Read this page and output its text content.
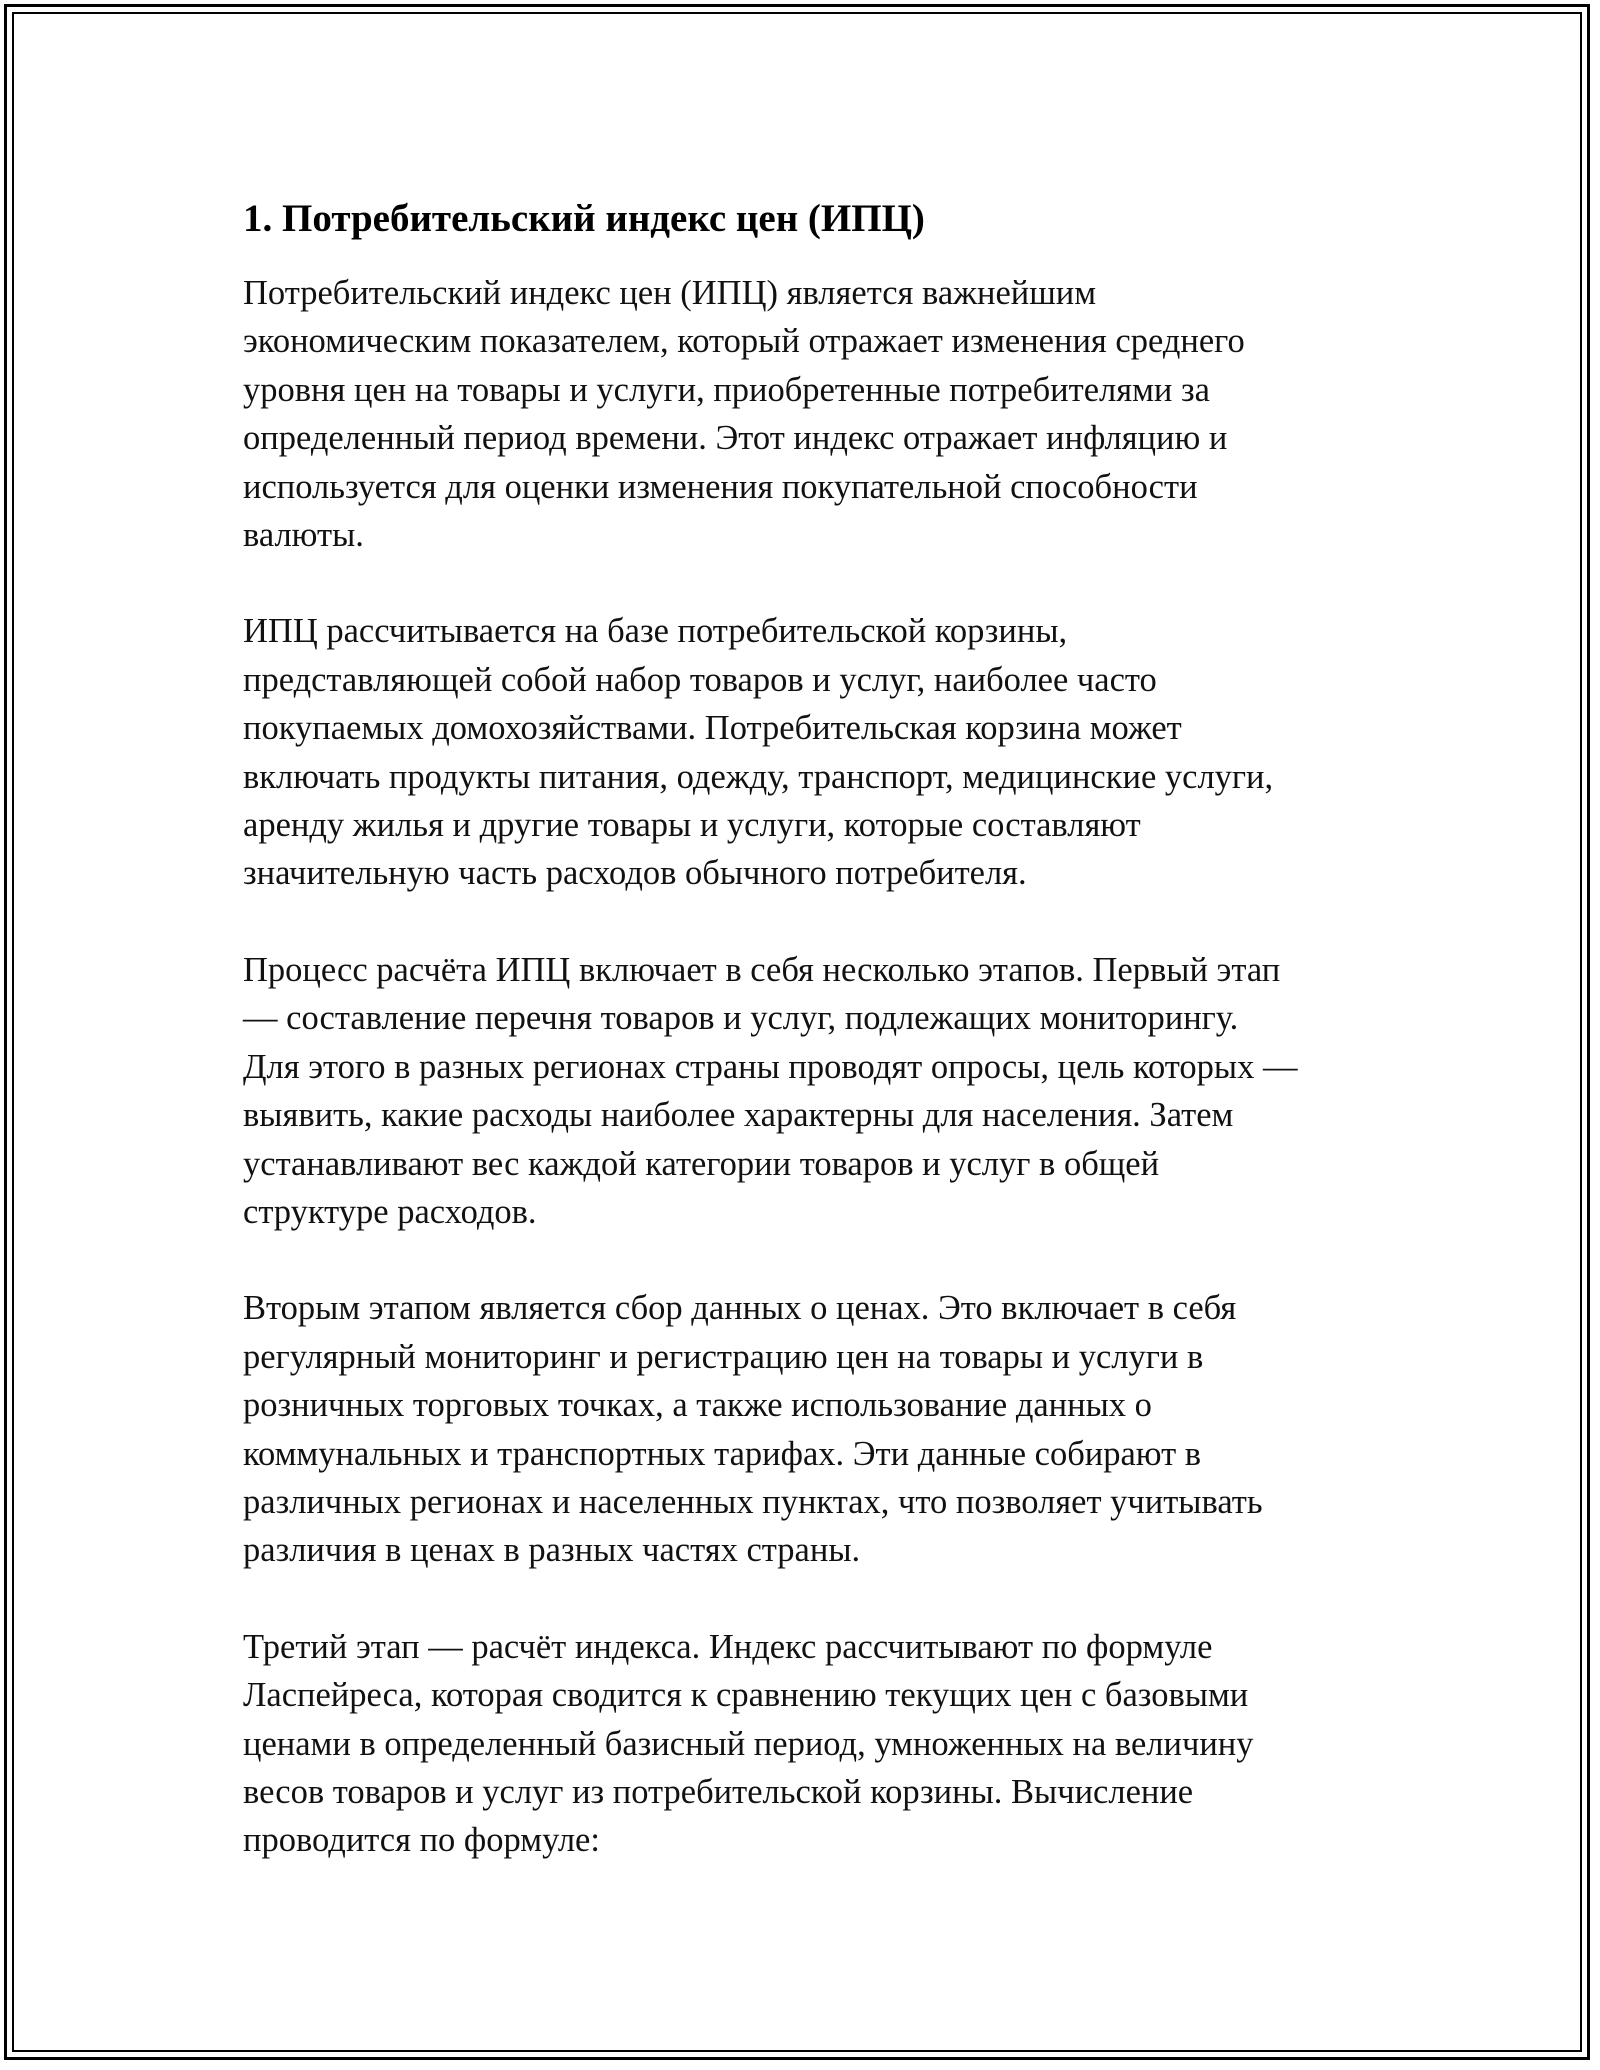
1. Потребительский индекс цен (ИПЦ)

Потребительский индекс цен (ИПЦ) является важнейшим
экономическим показателем, который отражает изменения среднего
уровня цен на товары и услуги, приобретенные потребителями за
определенный период времени. Этот индекс отражает инфляцию и
используется для оценки изменения покупательной способности
валюты.

ИПЦ рассчитывается на базе потребительской корзины,
представляющей собой набор товаров и услуг, наиболее часто
покупаемых домохозяйствами. Потребительская корзина может
включать продукты питания, одежду, транспорт, медицинские услуги,
аренду жилья и другие товары и услуги, которые составляют
значительную часть расходов обычного потребителя.

Процесс расчёта ИПЦ включает в себя несколько этапов. Первый этап
— составление перечня товаров и услуг, подлежащих мониторингу.
Для этого в разных регионах страны проводят опросы, цель которых —
выявить, какие расходы наиболее характерны для населения. Затем
устанавливают вес каждой категории товаров и услуг в общей
структуре расходов.

Вторым этапом является сбор данных о ценах. Это включает в себя
регулярный мониторинг и регистрацию цен на товары и услуги в
розничных торговых точках, а также использование данных о
коммунальных и транспортных тарифах. Эти данные собирают в
различных регионах и населенных пунктах, что позволяет учитывать
различия в ценах в разных частях страны.

Третий этап — расчёт индекса. Индекс рассчитывают по формуле
Ласпейреса, которая сводится к сравнению текущих цен с базовыми
ценами в определенный базисный период, умноженных на величину
весов товаров и услуг из потребительской корзины. Вычисление
проводится по формуле:
